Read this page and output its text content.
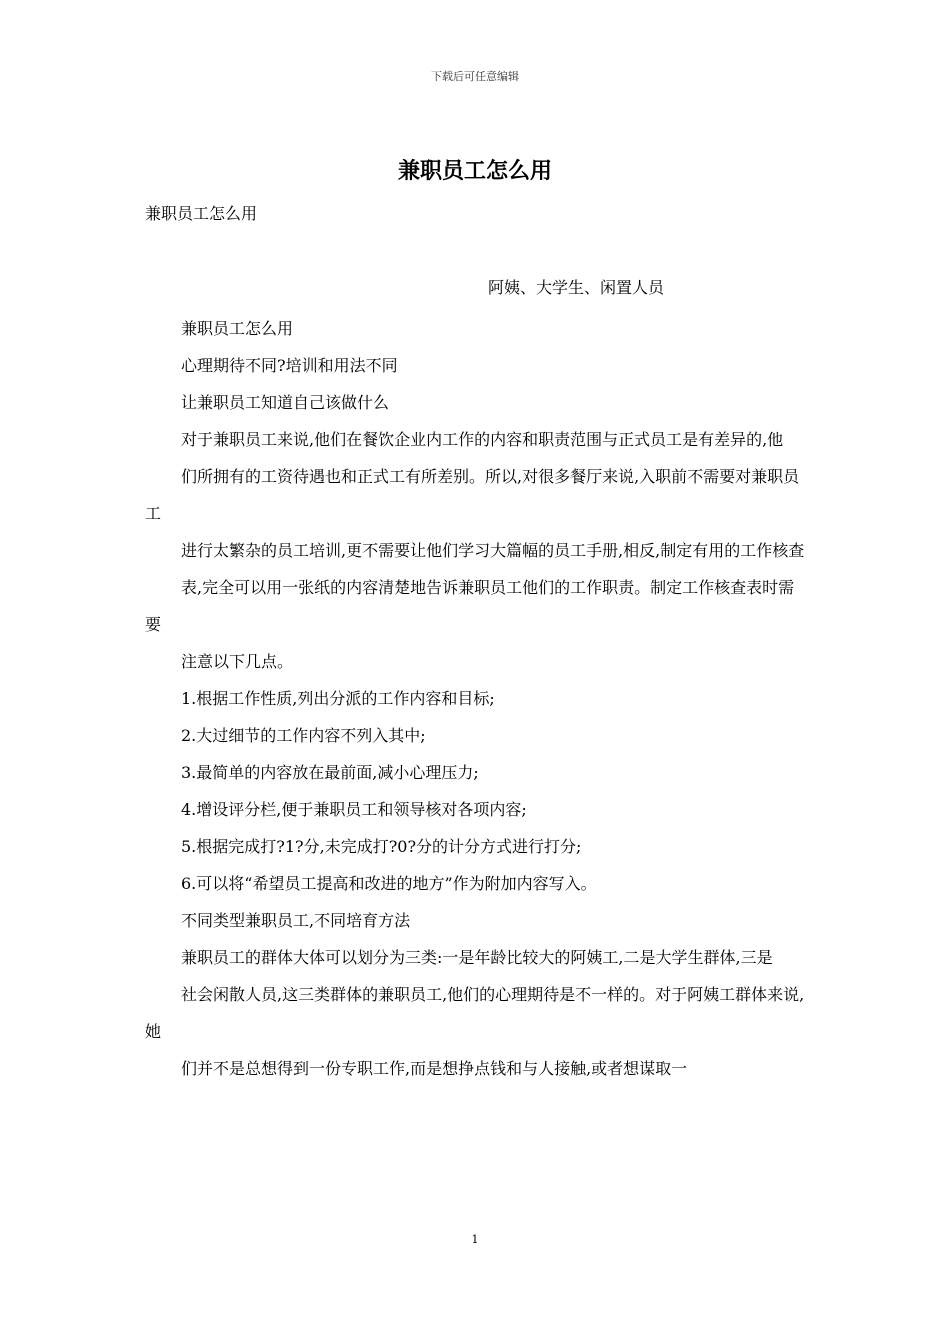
下载后可任意编辑
兼职员工怎么用

兼职员工怎么用

阿姨、大学生、闲置人员

兼职员工怎么用

心理期待不同?培训和用法不同

让兼职员工知道自己该做什么

对于兼职员工来说,他们在餐饮企业内工作的内容和职责范围与正式员工是有差异的,他

们所拥有的工资待遇也和正式工有所差别。所以,对很多餐厅来说,入职前不需要对兼职员工

进行太繁杂的员工培训,更不需要让他们学习大篇幅的员工手册,相反,制定有用的工作核查

表,完全可以用一张纸的内容清楚地告诉兼职员工他们的工作职责。制定工作核查表时需要

注意以下几点。

1.根据工作性质,列出分派的工作内容和目标;

2.大过细节的工作内容不列入其中;

3.最简单的内容放在最前面,减小心理压力;

4.增设评分栏,便于兼职员工和领导核对各项内容;

5.根据完成打?1?分,未完成打?0?分的计分方式进行打分;

6.可以将“希望员工提高和改进的地方”作为附加内容写入。

不同类型兼职员工,不同培育方法

兼职员工的群体大体可以划分为三类:一是年龄比较大的阿姨工,二是大学生群体,三是

社会闲散人员,这三类群体的兼职员工,他们的心理期待是不一样的。对于阿姨工群体来说,她

们并不是总想得到一份专职工作,而是想挣点钱和与人接触,或者想谋取一

1
